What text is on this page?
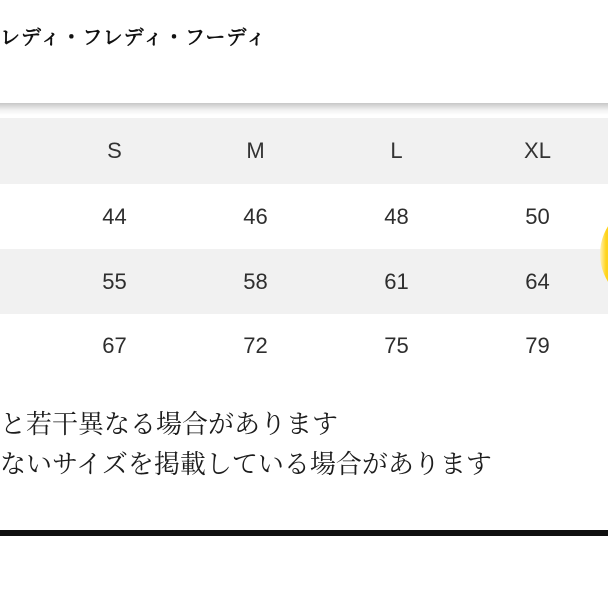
レディ・フレディ・フーディ
S	M	L	XL
44	46	48	50
55	58	61	64
67	72	75	79
と若干異なる場合があります
ないサイズを掲載している場合があります
